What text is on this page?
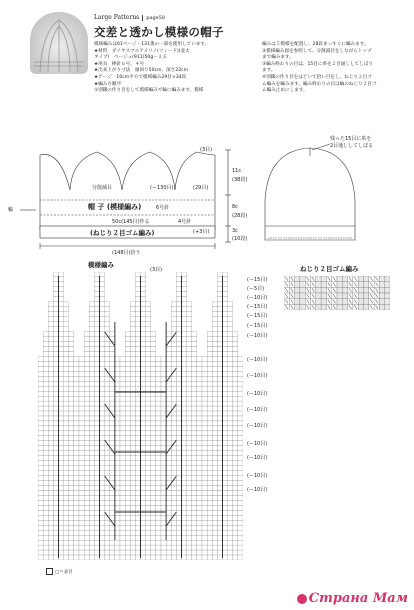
Large Patterns page58
交差と透かし模様の帽子
模様編みは61ページ・131番の一部を使用しています。
★材料　ダイヤスマユアメリノ(ツィード)(並太
タイプ)　ベージュ(911)50g－２玉
★用具　棒針６号、４号
★出来上がり寸法　頭回り50cm、深さ22cm
★ゲージ　10cm平方で模様編み29目×34段
★編み方順序
①別鎖の作り目をして模様編みで輪に編みます。模様
編みは５模様を配置し、28段まっすぐに編みます。
②模様編み図を参照して、分散減目をしながらトップ
まで編みます。
③編み終わりの目は、15目に糸を２目通ししてしぼり
ます。
④別鎖の作り目をほどいて拾い目をし、ねじり２目ゴ
ム編みを編みます。編み終わりの目は輪のねじり２目ゴ
ム編み止めにします。
(3目)
分散減目	(ー130目)	(29目)
帽 子 (模様編み)	6号針
50c(145目)作る	4号針
(+3目)
(ねじり２目ゴム編み)
(148目)拾う
11c
(38段)
8c
(28段)
3c
(10段)
輪
残った15目に糸を
2目通ししてしぼる
模様編み
(3目)
(ー15目)
(ー5目)
(ー10目)
(ー15目)
(ー15目)
(ー15目)
(ー10目)
(ー10目)
(ー10目)
(ー10目)
(ー10目)
(ー10目)
(ー10目)
(ー10目)
(ー10目)
(ー10目)
ねじり２目ゴム編み
□＝表目
Страна Мам
